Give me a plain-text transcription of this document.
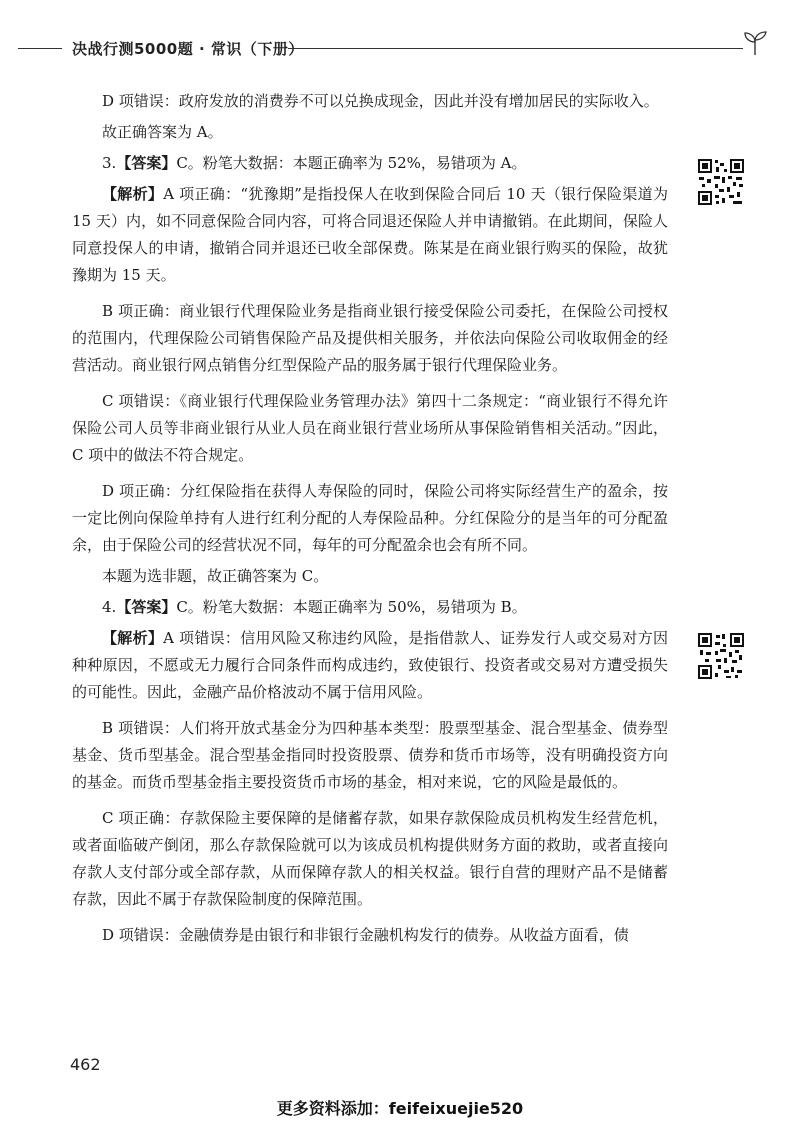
决战行测5000题 · 常识（下册）

D 项错误：政府发放的消费券不可以兑换成现金，因此并没有增加居民的实际收入。

故正确答案为 A。

3.【答案】C。粉笔大数据：本题正确率为 52%，易错项为 A。

【解析】A 项正确：“犹豫期”是指投保人在收到保险合同后 10 天（银行保险渠道为 15 天）内，如不同意保险合同内容，可将合同退还保险人并申请撤销。在此期间，保险人同意投保人的申请，撤销合同并退还已收全部保费。陈某是在商业银行购买的保险，故犹豫期为 15 天。

B 项正确：商业银行代理保险业务是指商业银行接受保险公司委托，在保险公司授权的范围内，代理保险公司销售保险产品及提供相关服务，并依法向保险公司收取佣金的经营活动。商业银行网点销售分红型保险产品的服务属于银行代理保险业务。

C 项错误：《商业银行代理保险业务管理办法》第四十二条规定：“商业银行不得允许保险公司人员等非商业银行从业人员在商业银行营业场所从事保险销售相关活动。”因此，C 项中的做法不符合规定。

D 项正确：分红保险指在获得人寿保险的同时，保险公司将实际经营生产的盈余，按一定比例向保险单持有人进行红利分配的人寿保险品种。分红保险分的是当年的可分配盈余，由于保险公司的经营状况不同，每年的可分配盈余也会有所不同。

本题为选非题，故正确答案为 C。

4.【答案】C。粉笔大数据：本题正确率为 50%，易错项为 B。

【解析】A 项错误：信用风险又称违约风险，是指借款人、证券发行人或交易对方因种种原因，不愿或无力履行合同条件而构成违约，致使银行、投资者或交易对方遭受损失的可能性。因此，金融产品价格波动不属于信用风险。

B 项错误：人们将开放式基金分为四种基本类型：股票型基金、混合型基金、债券型基金、货币型基金。混合型基金指同时投资股票、债券和货币市场等，没有明确投资方向的基金。而货币型基金指主要投资货币市场的基金，相对来说，它的风险是最低的。

C 项正确：存款保险主要保障的是储蓄存款，如果存款保险成员机构发生经营危机，或者面临破产倒闭，那么存款保险就可以为该成员机构提供财务方面的救助，或者直接向存款人支付部分或全部存款，从而保障存款人的相关权益。银行自营的理财产品不是储蓄存款，因此不属于存款保险制度的保障范围。

D 项错误：金融债券是由银行和非银行金融机构发行的债券。从收益方面看，债

462
更多资料添加：feifeixuejie520
